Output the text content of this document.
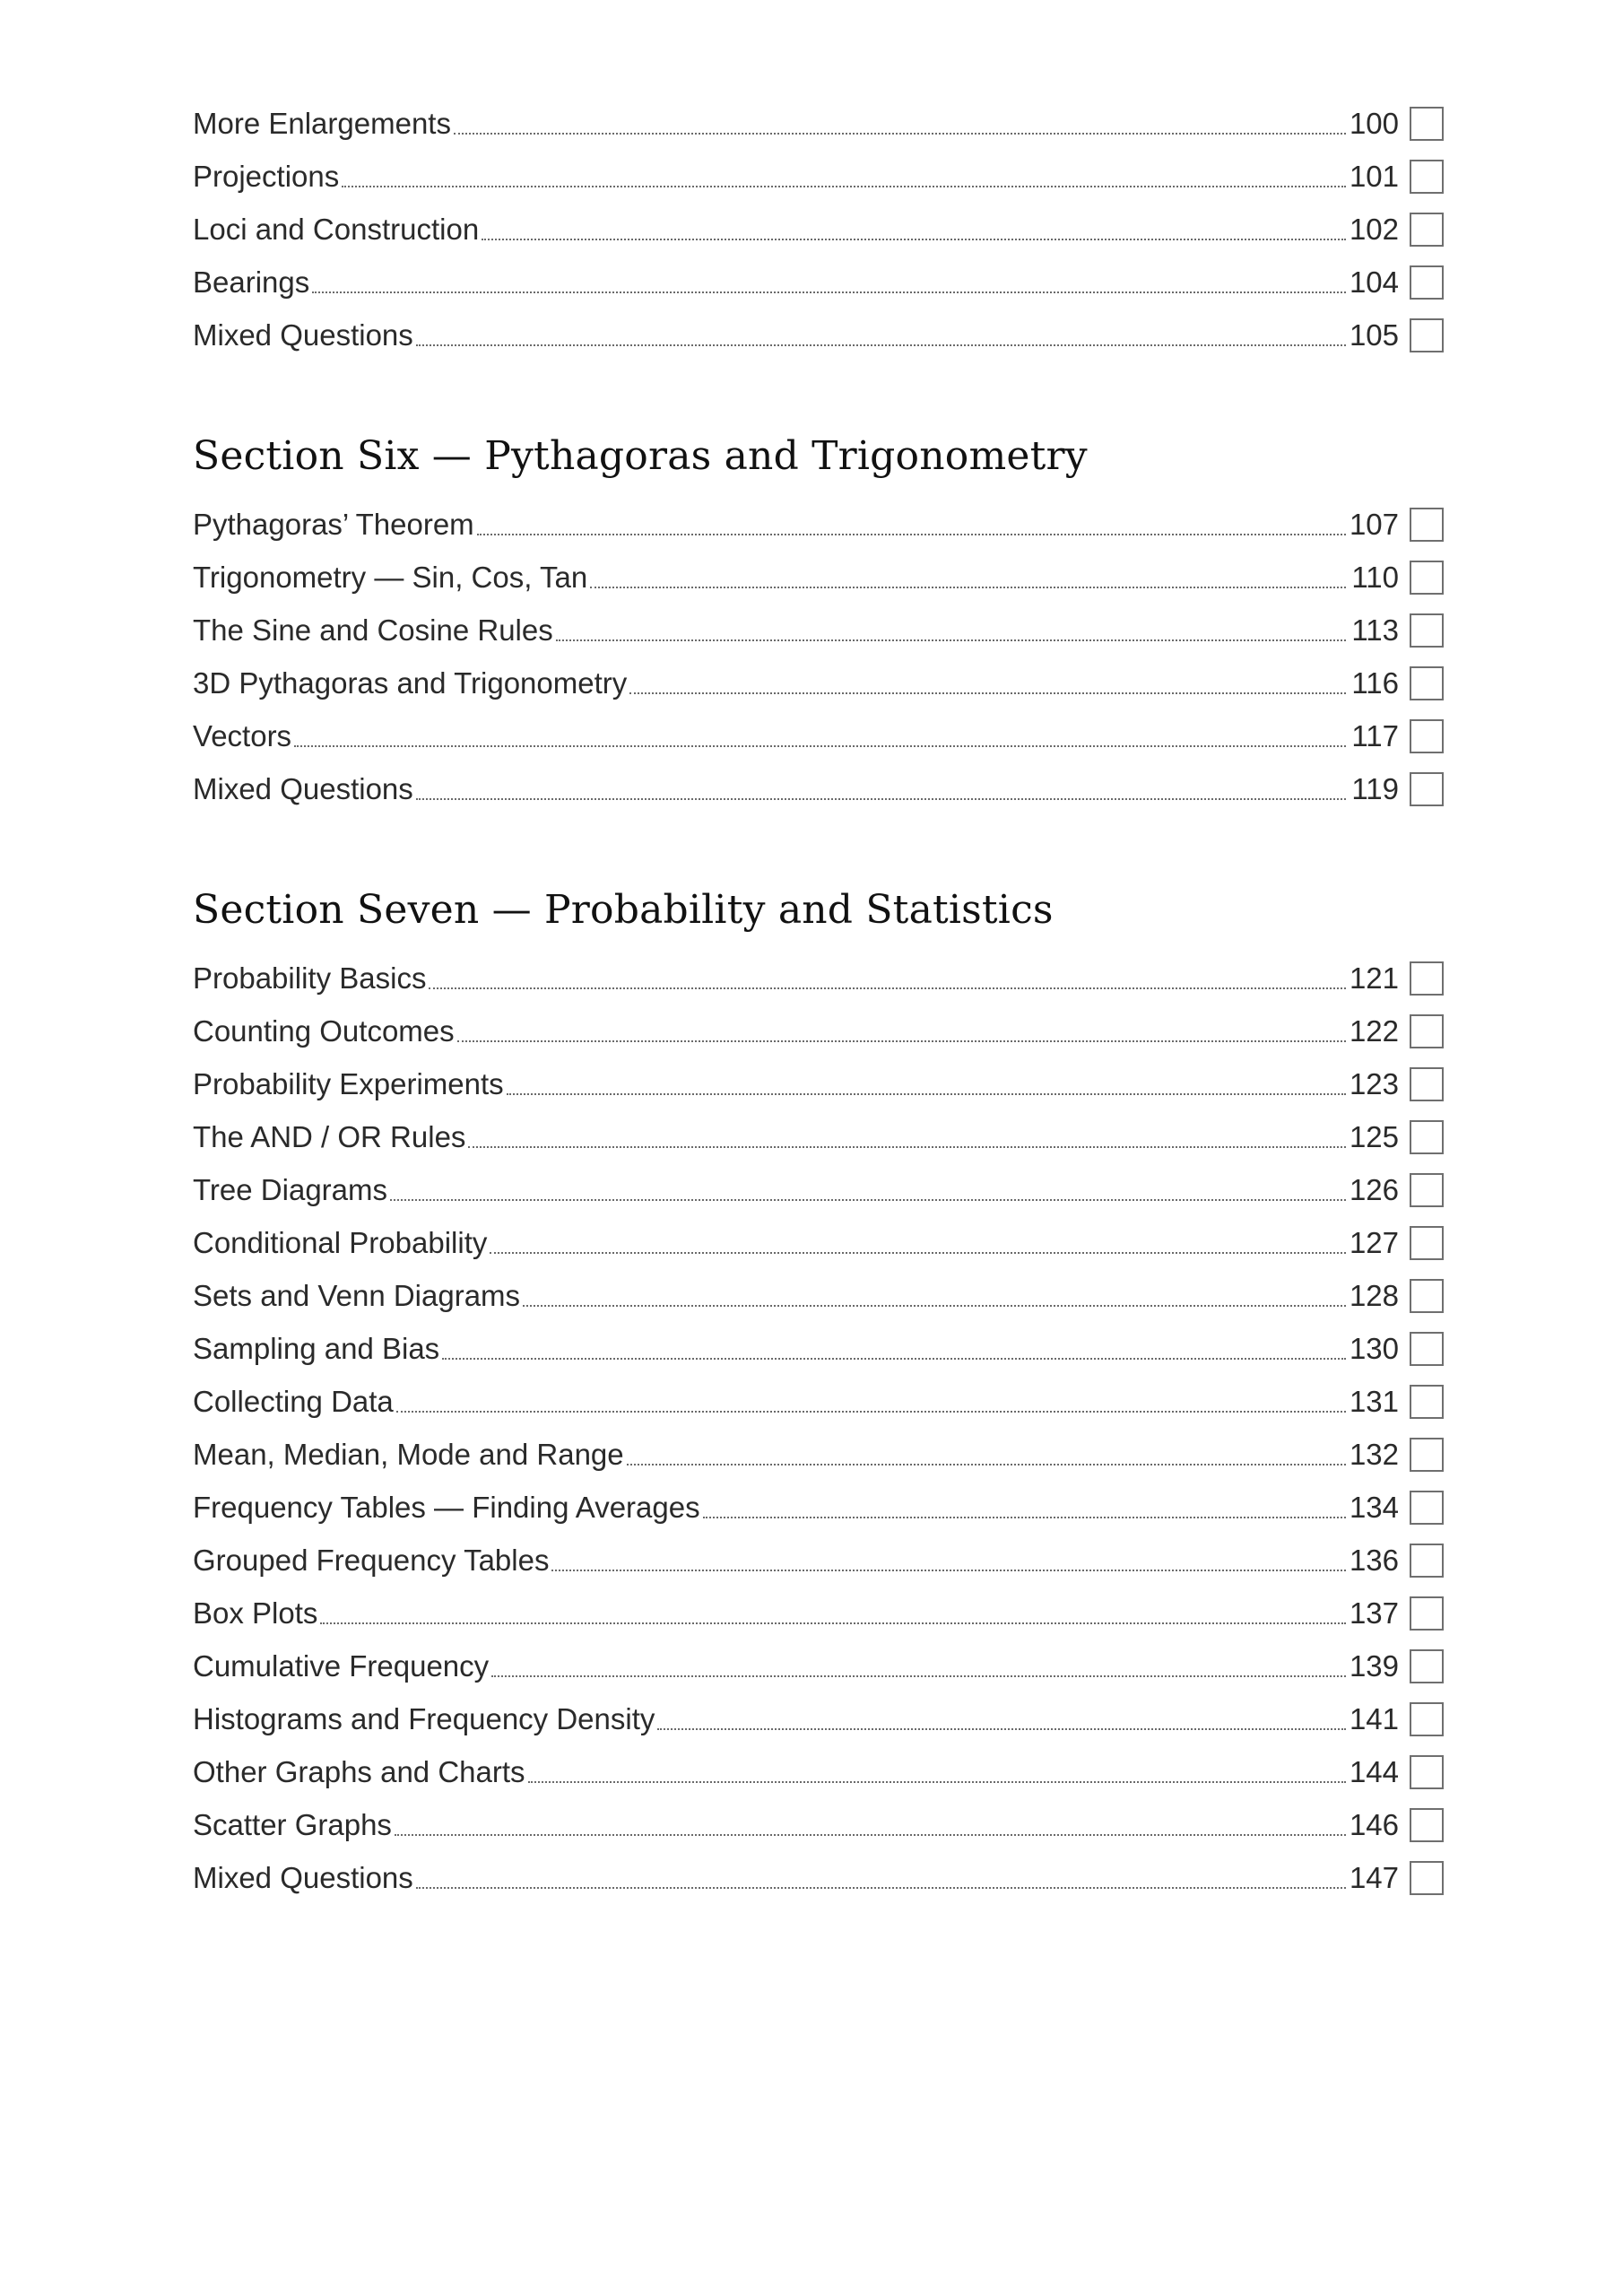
More Enlargements	100
Projections	101
Loci and Construction	102
Bearings	104
Mixed Questions	105
Section Six — Pythagoras and Trigonometry
Pythagoras’ Theorem	107
Trigonometry — Sin, Cos, Tan	110
The Sine and Cosine Rules	113
3D Pythagoras and Trigonometry	116
Vectors	117
Mixed Questions	119
Section Seven — Probability and Statistics
Probability Basics	121
Counting Outcomes	122
Probability Experiments	123
The AND / OR Rules	125
Tree Diagrams	126
Conditional Probability	127
Sets and Venn Diagrams	128
Sampling and Bias	130
Collecting Data	131
Mean, Median, Mode and Range	132
Frequency Tables — Finding Averages	134
Grouped Frequency Tables	136
Box Plots	137
Cumulative Frequency	139
Histograms and Frequency Density	141
Other Graphs and Charts	144
Scatter Graphs	146
Mixed Questions	147
